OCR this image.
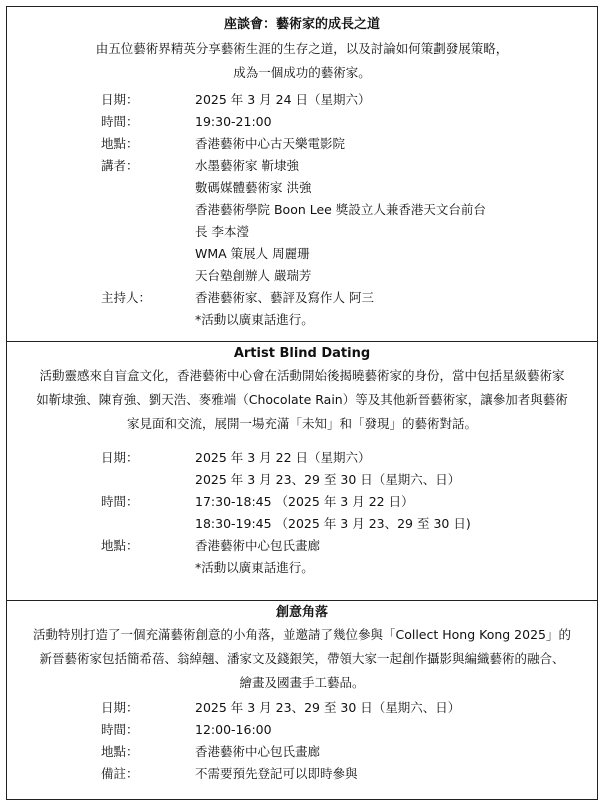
座談會：藝術家的成長之道
由五位藝術界精英分享藝術生涯的生存之道，以及討論如何策劃發展策略，
成為一個成功的藝術家。
日期：	2025 年 3 月 24 日（星期六）
時間：	19:30-21:00
地點：	香港藝術中心古天樂電影院
講者：	水墨藝術家 靳埭強
數碼媒體藝術家 洪強
香港藝術學院 Boon Lee 獎設立人兼香港天文台前台
長 李本瀅
WMA 策展人 周麗珊
天台塾創辦人 嚴瑞芳
主持人：	香港藝術家、藝評及寫作人 阿三
*活動以廣東話進行。
Artist Blind Dating
活動靈感來自盲盒文化，香港藝術中心會在活動開始後揭曉藝術家的身份，當中包括星級藝術家
如靳埭強、陳育強、劉天浩、麥雅端（Chocolate Rain）等及其他新晉藝術家，讓參加者與藝術
家見面和交流，展開一場充滿「未知」和「發現」的藝術對話。
日期：	2025 年 3 月 22 日（星期六）
2025 年 3 月 23、29 至 30 日（星期六、日）
時間：	17:30-18:45 （2025 年 3 月 22 日）
18:30-19:45 （2025 年 3 月 23、29 至 30 日)
地點：	香港藝術中心包氏畫廊
*活動以廣東話進行。
創意角落
活動特別打造了一個充滿藝術創意的小角落，並邀請了幾位參與「Collect Hong Kong 2025」的
新晉藝術家包括簡希蓓、翁綽翹、潘家文及錢銀笑，帶領大家一起創作攝影與編織藝術的融合、
繪畫及國畫手工藝品。
日期：	2025 年 3 月 23、29 至 30 日（星期六、日）
時間：	12:00-16:00
地點：	香港藝術中心包氏畫廊
備註：	不需要預先登記可以即時參與
